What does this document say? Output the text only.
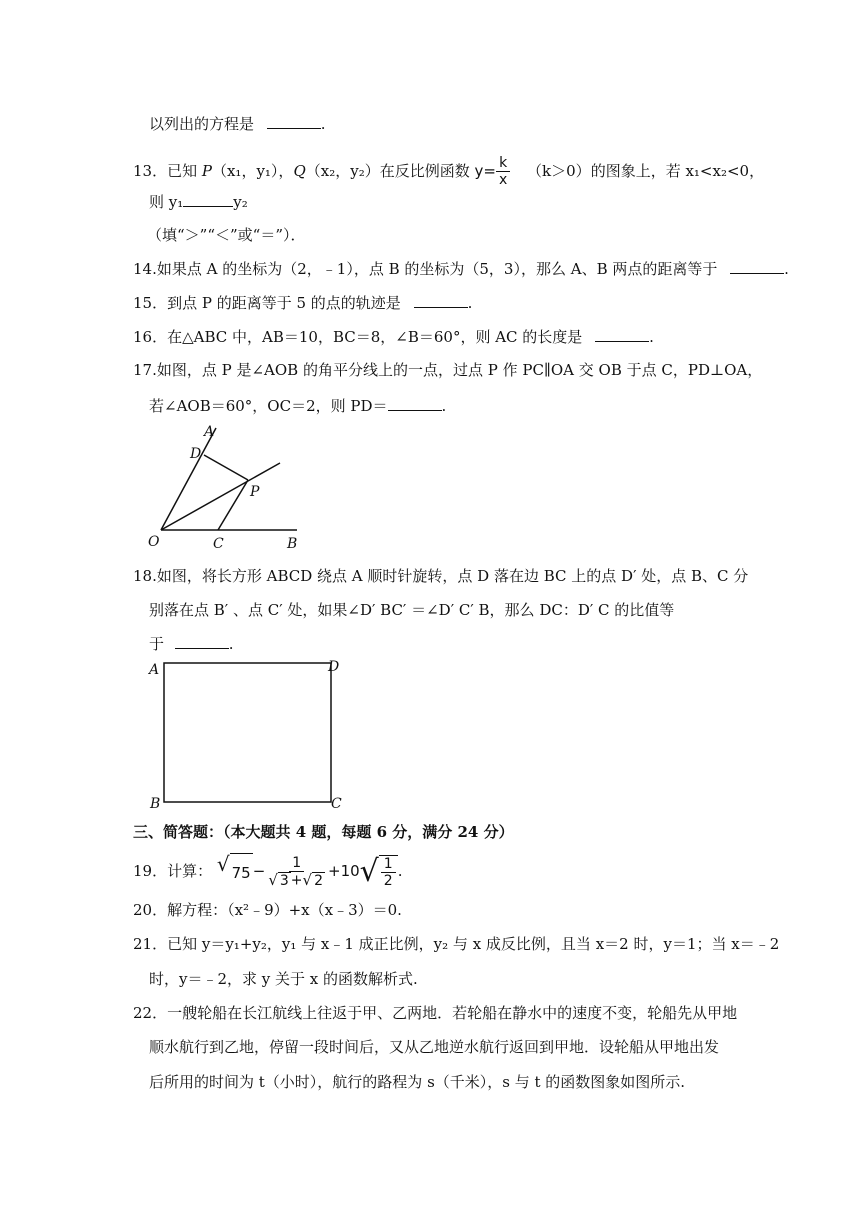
以列出的方程是	.
13．已知 P（x₁，y₁），Q（x₂，y₂）在反比例函数 $y= \frac{k}{x} (k>0)$的图象上，若 x₁<x₂<0，
则 y₁	y₂
（填“＞”“＜”或“＝”）．
14.如果点 A 的坐标为（2，﹣1），点 B 的坐标为（5，3），那么 A、B 两点的距离等于	.
15．到点 P 的距离等于 5 的点的轨迹是	.
16．在△ABC 中，AB＝10，BC＝8，∠B＝60°，则 AC 的长度是	.
17.如图，点 P 是∠AOB 的角平分线上的一点，过点 P 作 PC∥OA 交 OB 于点 C，PD⊥OA，
若∠AOB＝60°，OC＝2，则 PD＝	.
A
D
P
O	C	B
18.如图，将长方形 ABCD 绕点 A 顺时针旋转，点 D 落在边 BC 上的点 D′ 处，点 B、C 分
别落在点 B′ 、点 C′ 处，如果∠D′ BC′ ＝∠D′ C′ B，那么 DC：D′ C 的比值等
于	.
A	D
B	C
三、简答题：（本大题共 4 题，每题 6 分，满分 24 分）
19．计算： √ $75 - \frac{1}{√ 3 + √ 2} +10$ √ $\frac{1}{2}$ .
20．解方程：（x²﹣9）+x（x﹣3）＝0.
21．已知 y＝y₁+y₂，y₁ 与 x﹣1 成正比例，y₂ 与 x 成反比例，且当 x＝2 时，y＝1；当 x＝﹣2
时，y＝﹣2，求 y 关于 x 的函数解析式.
22．一艘轮船在长江航线上往返于甲、乙两地．若轮船在静水中的速度不变，轮船先从甲地
顺水航行到乙地，停留一段时间后，又从乙地逆水航行返回到甲地．设轮船从甲地出发
后所用的时间为 t（小时），航行的路程为 s（千米），s 与 t 的函数图象如图所示.
